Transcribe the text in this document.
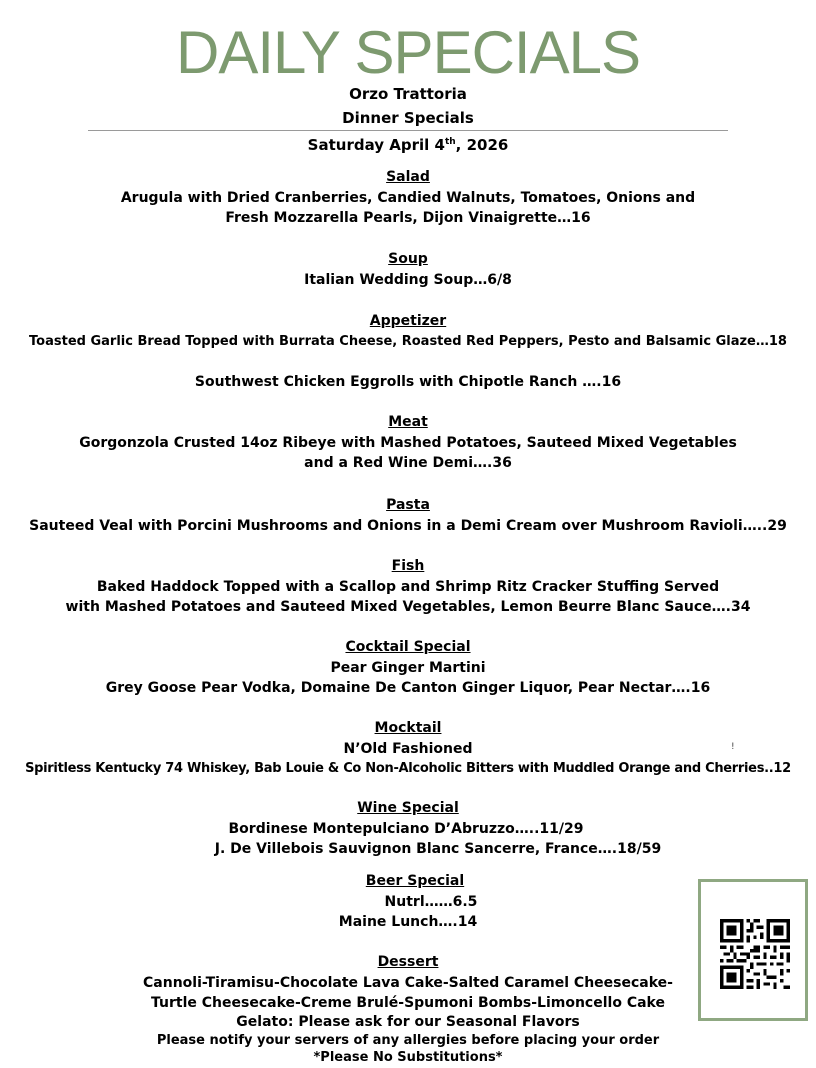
DAILY SPECIALS
Orzo Trattoria
Dinner Specials
Saturday April 4th, 2026
Salad
Arugula with Dried Cranberries, Candied Walnuts, Tomatoes, Onions and
Fresh Mozzarella Pearls, Dijon Vinaigrette…16
Soup
Italian Wedding Soup…6/8
Appetizer
Toasted Garlic Bread Topped with Burrata Cheese, Roasted Red Peppers, Pesto and Balsamic Glaze…18
Southwest Chicken Eggrolls with Chipotle Ranch ….16
Meat
Gorgonzola Crusted 14oz Ribeye with Mashed Potatoes, Sauteed Mixed Vegetables
and a Red Wine Demi….36
Pasta
Sauteed Veal with Porcini Mushrooms and Onions in a Demi Cream over Mushroom Ravioli…..29
Fish
Baked Haddock Topped with a Scallop and Shrimp Ritz Cracker Stuffing Served
with Mashed Potatoes and Sauteed Mixed Vegetables, Lemon Beurre Blanc Sauce….34
Cocktail Special
Pear Ginger Martini
Grey Goose Pear Vodka, Domaine De Canton Ginger Liquor, Pear Nectar….16
Mocktail
N’Old Fashioned
Spiritless Kentucky 74 Whiskey, Bab Louie & Co Non-Alcoholic Bitters with Muddled Orange and Cherries..12
!
Wine Special
Bordinese Montepulciano D’Abruzzo…..11/29
J. De Villebois Sauvignon Blanc Sancerre, France….18/59
Beer Special
Nutrl……6.5
Maine Lunch….14
Dessert
Cannoli-Tiramisu-Chocolate Lava Cake-Salted Caramel Cheesecake-
Turtle Cheesecake-Creme Brulé-Spumoni Bombs-Limoncello Cake
Gelato: Please ask for our Seasonal Flavors
Please notify your servers of any allergies before placing your order
*Please No Substitutions*
